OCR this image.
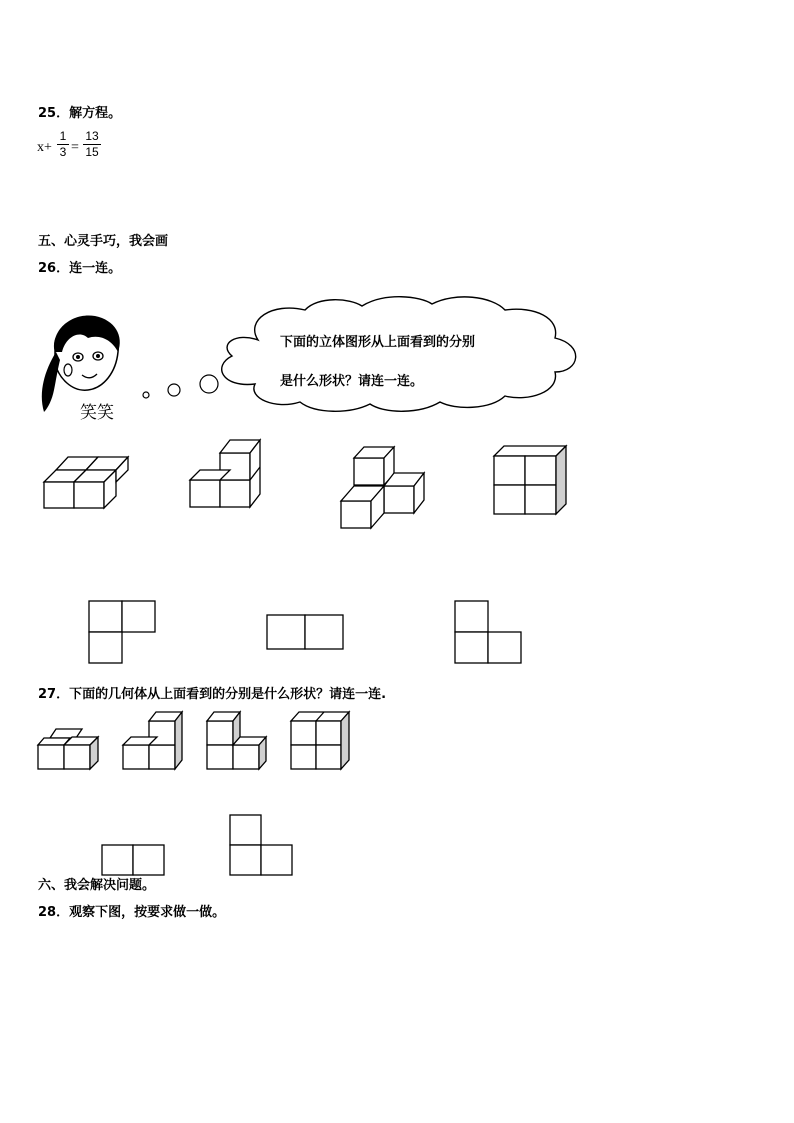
25．解方程。
x+
1
3 =
13
15
五、心灵手巧，我会画
26．连一连。
下面的立体图形从上面看到的分别
是什么形状？请连一连。
笑笑
27．下面的几何体从上面看到的分别是什么形状？请连一连.
六、我会解决问题。
28．观察下图，按要求做一做。
